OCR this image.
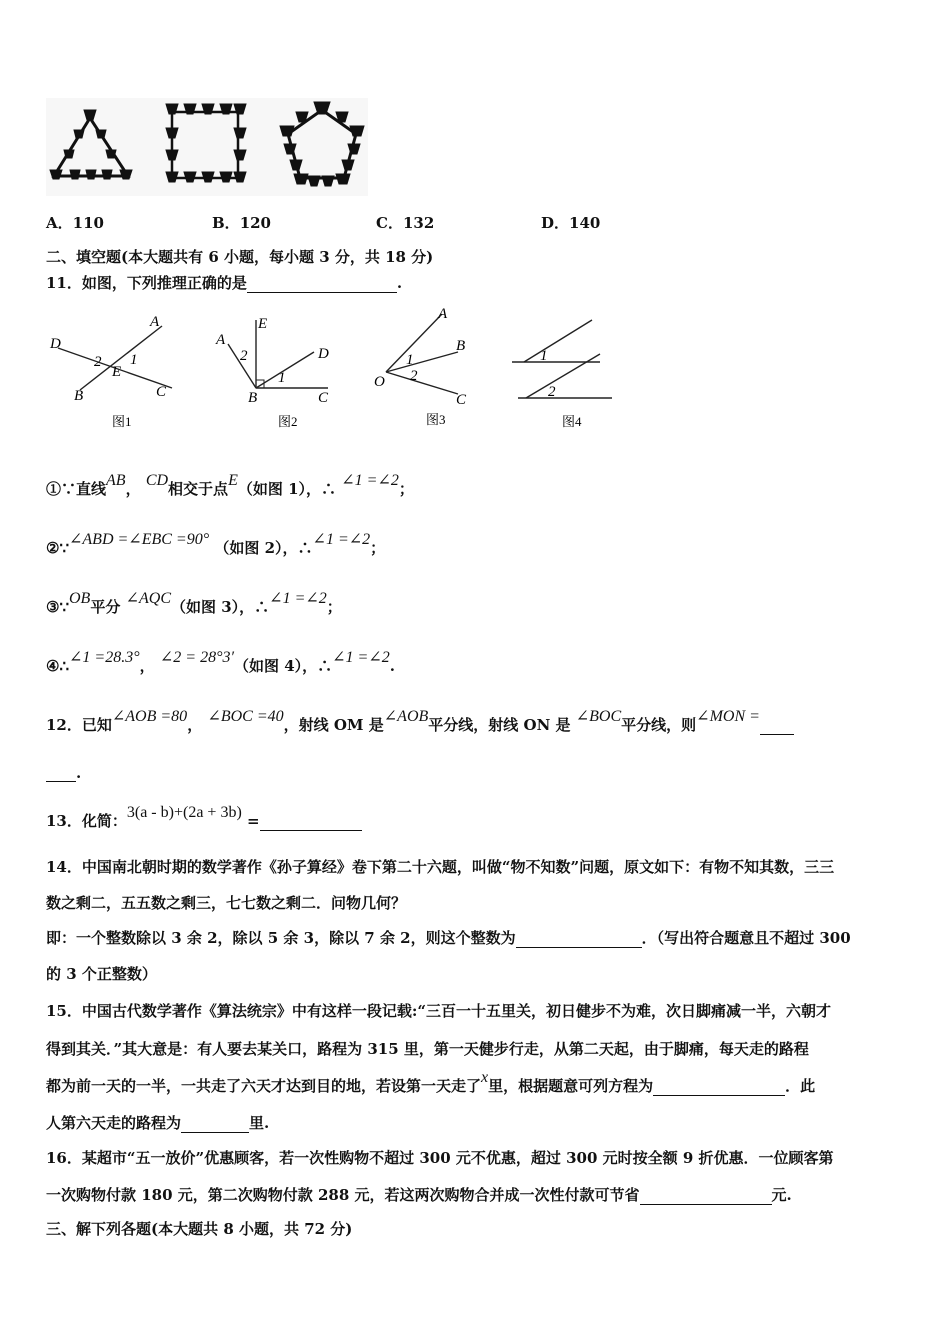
A．110	B．120	C．132	D．140
二、填空题(本大题共有 6 小题，每小题 3 分，共 18 分)
11．如图，下列推理正确的是	.
A
D
2 1
E
B	C
图1
E
A
2	D
1
B	C
图2
A
B
1
2
O
C
图3
1
2
图4
①∵直线AB， CD相交于点E（如图 1），∴ ∠1 =∠2；
②∵∠ABD =∠EBC =90° （如图 2），∴∠1 =∠2；
③∵OB平分 ∠AQC（如图 3），∴∠1 =∠2；
④∴∠1 =28.3°， ∠2 = 28°3′（如图 4），∴∠1 =∠2.
12．已知∠AOB =80， ∠BOC =40，射线 OM 是∠AOB平分线，射线 ON 是 ∠BOC平分线，则∠MON =
.
13．化简：3(a - b)+(2a + 3b) =
14．中国南北朝时期的数学著作《孙子算经》卷下第二十六题，叫做“物不知数”问题，原文如下：有物不知其数，三三
数之剩二，五五数之剩三，七七数之剩二．问物几何？
即：一个整数除以 3 余 2，除以 5 余 3，除以 7 余 2，则这个整数为	．（写出符合题意且不超过 300
的 3 个正整数）
15．中国古代数学著作《算法统宗》中有这样一段记载:“三百一十五里关，初日健步不为难，次日脚痛减一半，六朝才
得到其关．”其大意是：有人要去某关口，路程为 315 里，第一天健步行走，从第二天起，由于脚痛，每天走的路程
都为前一天的一半，一共走了六天才达到目的地，若设第一天走了x里，根据题意可列方程为	．此
人第六天走的路程为	里.
16．某超市“五一放价”优惠顾客，若一次性购物不超过 300 元不优惠，超过 300 元时按全额 9 折优惠．一位顾客第
一次购物付款 180 元，第二次购物付款 288 元，若这两次购物合并成一次性付款可节省	元.
三、解下列各题(本大题共 8 小题，共 72 分)
